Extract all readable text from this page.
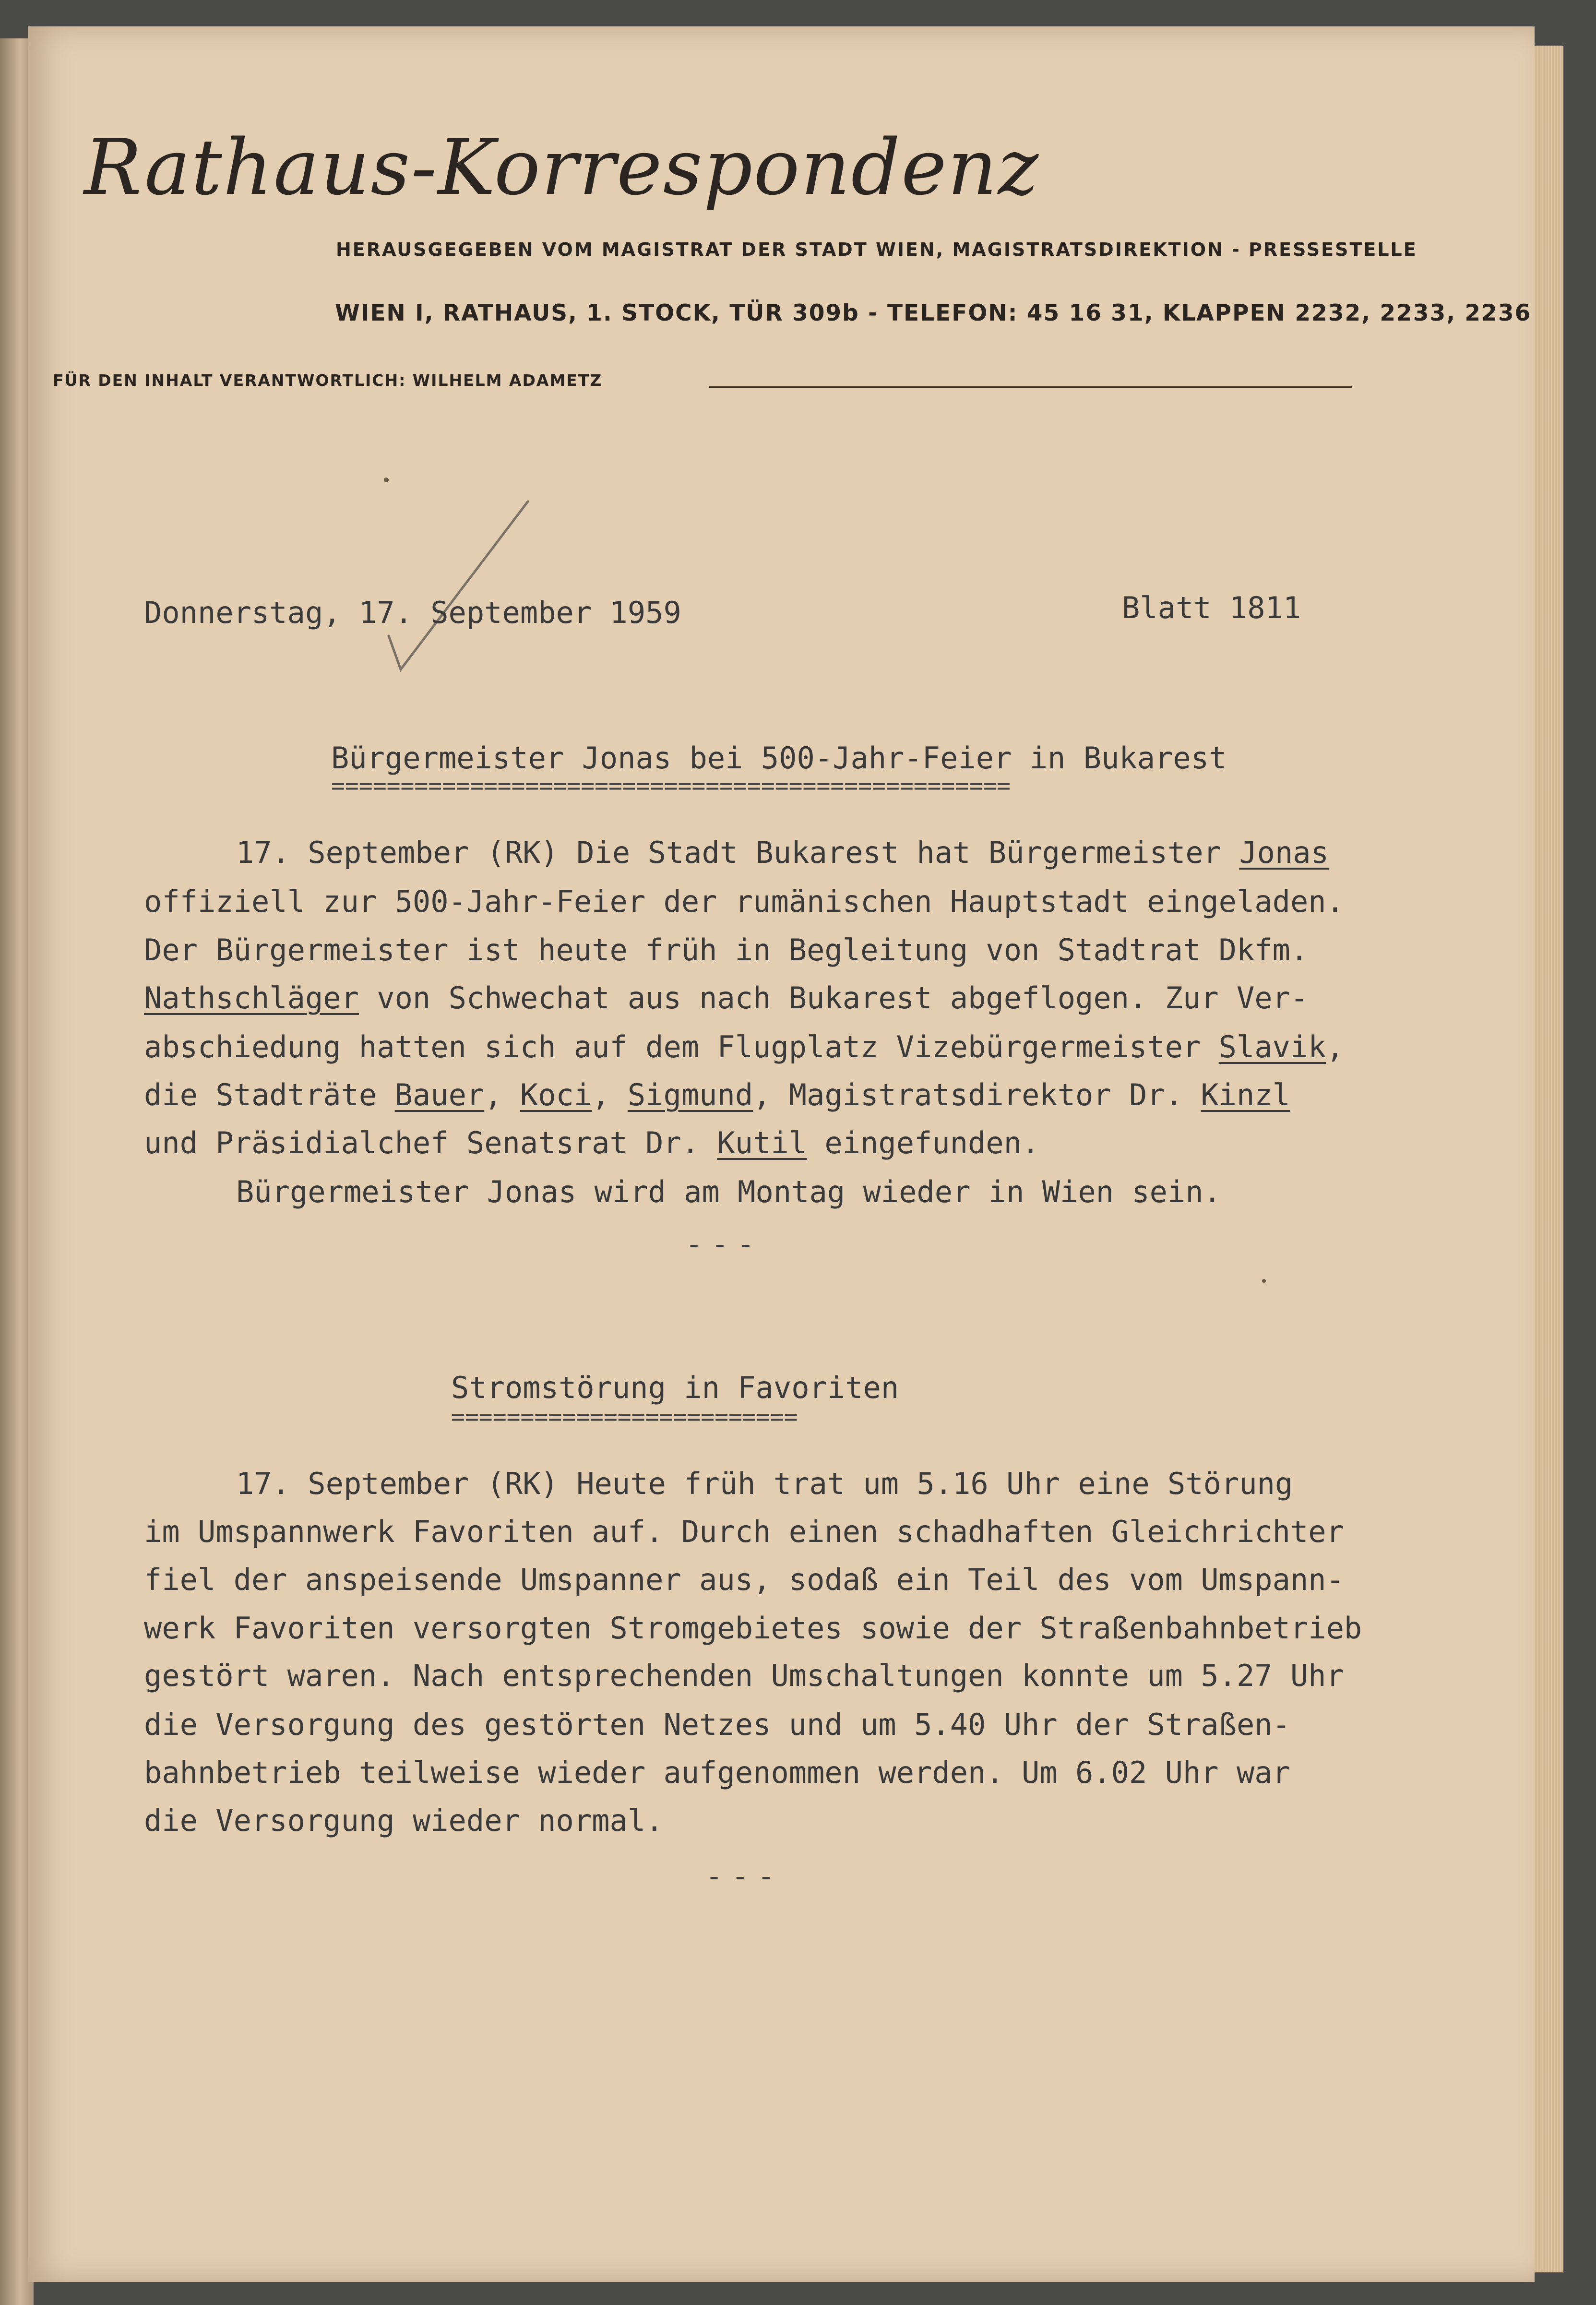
Rathaus-Korrespondenz
HERAUSGEGEBEN VOM MAGISTRAT DER STADT WIEN, MAGISTRATSDIREKTION - PRESSESTELLE
WIEN I, RATHAUS, 1. STOCK, TÜR 309b - TELEFON: 45 16 31, KLAPPEN 2232, 2233, 2236
FÜR DEN INHALT VERANTWORTLICH: WILHELM ADAMETZ
Donnerstag, 17. September 1959	Blatt 1811
Bürgermeister Jonas bei 500-Jahr-Feier in Bukarest
=================================================
17. September (RK) Die Stadt Bukarest hat Bürgermeister Jonas
offiziell zur 500-Jahr-Feier der rumänischen Hauptstadt eingeladen.
Der Bürgermeister ist heute früh in Begleitung von Stadtrat Dkfm.
Nathschläger von Schwechat aus nach Bukarest abgeflogen. Zur Ver-
abschiedung hatten sich auf dem Flugplatz Vizebürgermeister Slavik,
die Stadträte Bauer, Koci, Sigmund, Magistratsdirektor Dr. Kinzl
und Präsidialchef Senatsrat Dr. Kutil eingefunden.
Bürgermeister Jonas wird am Montag wieder in Wien sein.
---
Stromstörung in Favoriten
=========================
17. September (RK) Heute früh trat um 5.16 Uhr eine Störung
im Umspannwerk Favoriten auf. Durch einen schadhaften Gleichrichter
fiel der anspeisende Umspanner aus, sodaß ein Teil des vom Umspann-
werk Favoriten versorgten Stromgebietes sowie der Straßenbahnbetrieb
gestört waren. Nach entsprechenden Umschaltungen konnte um 5.27 Uhr
die Versorgung des gestörten Netzes und um 5.40 Uhr der Straßen-
bahnbetrieb teilweise wieder aufgenommen werden. Um 6.02 Uhr war
die Versorgung wieder normal.
---
